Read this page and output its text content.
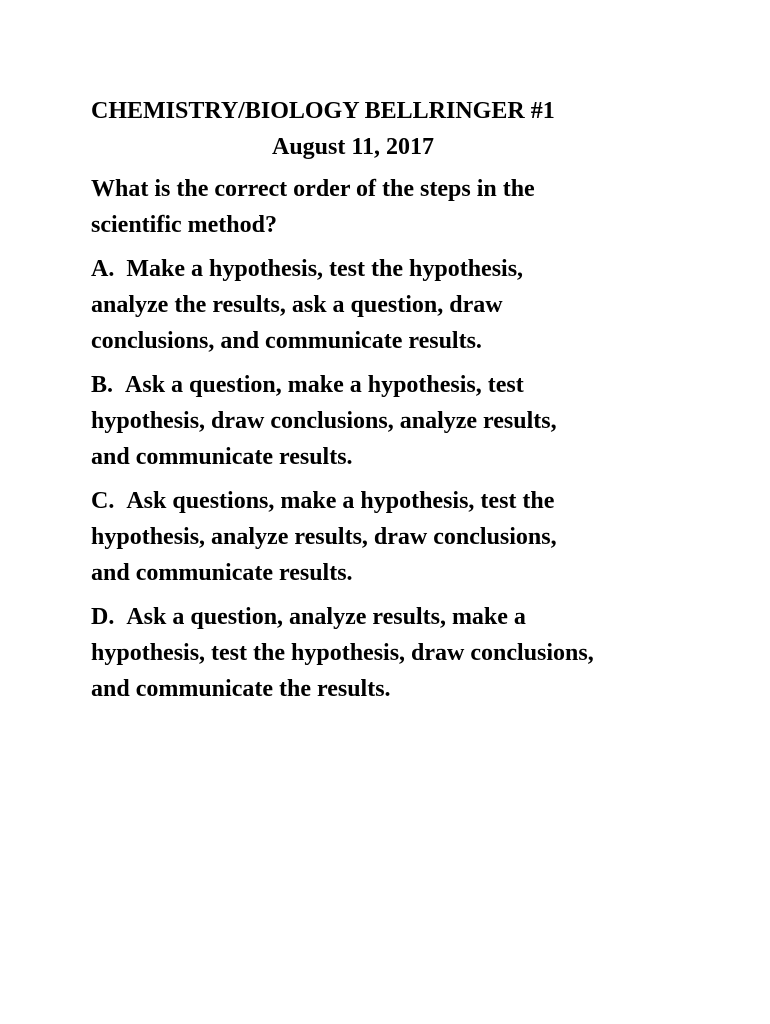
CHEMISTRY/BIOLOGY BELLRINGER #1
August 11, 2017
What is the correct order of the steps in the
scientific method?
A. Make a hypothesis, test the hypothesis,
analyze the results, ask a question, draw
conclusions, and communicate results.
B. Ask a question, make a hypothesis, test
hypothesis, draw conclusions, analyze results,
and communicate results.
C. Ask questions, make a hypothesis, test the
hypothesis, analyze results, draw conclusions,
and communicate results.
D. Ask a question, analyze results, make a
hypothesis, test the hypothesis, draw conclusions,
and communicate the results.
